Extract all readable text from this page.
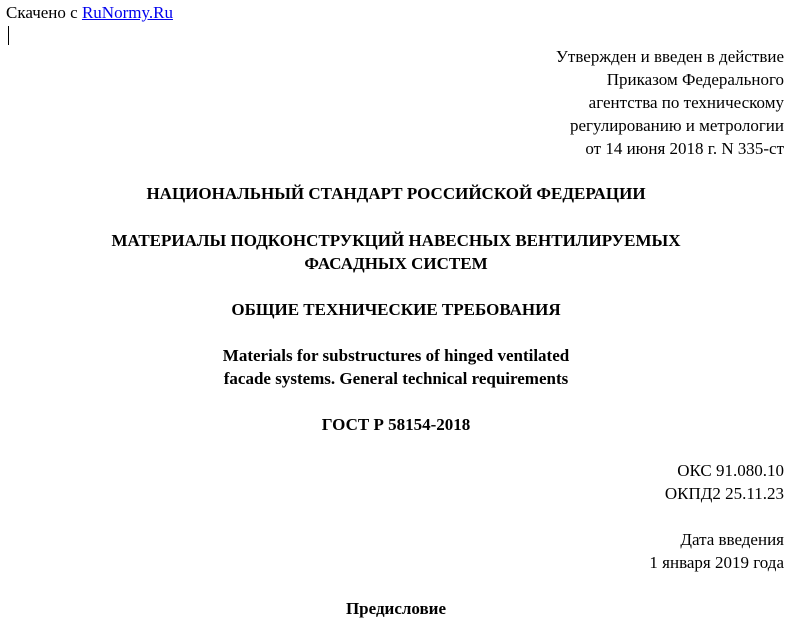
Скачено с RuNormy.Ru
Утвержден и введен в действие
Приказом Федерального
агентства по техническому
регулированию и метрологии
от 14 июня 2018 г. N 335-ст
НАЦИОНАЛЬНЫЙ СТАНДАРТ РОССИЙСКОЙ ФЕДЕРАЦИИ
МАТЕРИАЛЫ ПОДКОНСТРУКЦИЙ НАВЕСНЫХ ВЕНТИЛИРУЕМЫХ
ФАСАДНЫХ СИСТЕМ
ОБЩИЕ ТЕХНИЧЕСКИЕ ТРЕБОВАНИЯ
Materials for substructures of hinged ventilated
facade systems. General technical requirements
ГОСТ Р 58154-2018
ОКС 91.080.10
ОКПД2 25.11.23
Дата введения
1 января 2019 года
Предисловие
